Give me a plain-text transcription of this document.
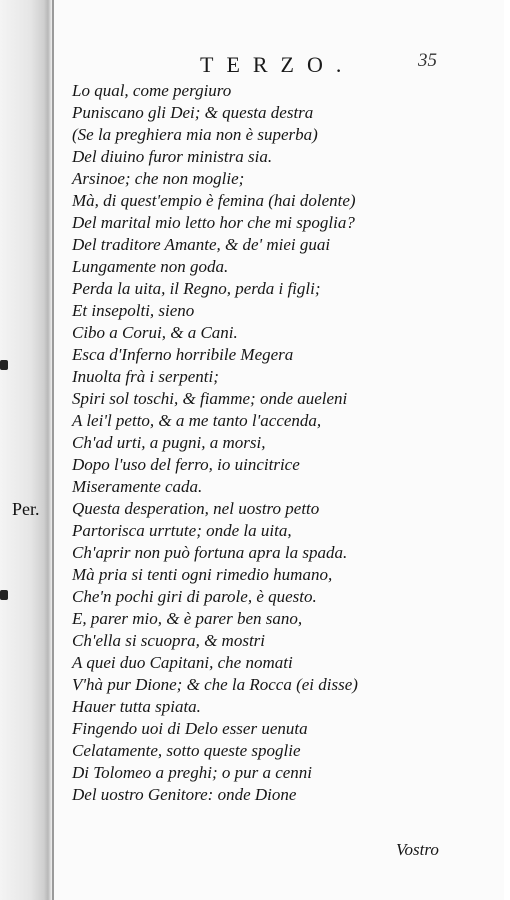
TERZO.	35
Lo qual, come pergiuro
Puniscano gli Dei; & questa destra
(Se la preghiera mia non è superba)
Del diuino furor ministra sia.
Arsinoe; che non moglie;
Mà, di quest'empio è femina (hai dolente)
Del marital mio letto hor che mi spoglia?
Del traditore Amante, & de' miei guai
Lungamente non goda.
Perda la uita, il Regno, perda i figli;
Et insepolti, sieno
Cibo a Corui, & a Cani.
Esca d'Inferno horribile Megera
Inuolta frà i serpenti;
Spiri sol toschi, & fiamme; onde aueleni
A lei'l petto, & a me tanto l'accenda,
Ch'ad urti, a pugni, a morsi,
Dopo l'uso del ferro, io uincitrice
Miseramente cada.
Per. Questa desperation, nel uostro petto
Partorisca urrtute; onde la uita,
Ch'aprir non può fortuna apra la spada.
Mà pria si tenti ogni rimedio humano,
Che'n pochi giri di parole, è questo.
E, parer mio, & è parer ben sano,
Ch'ella si scuopra, & mostri
A quei duo Capitani, che nomati
V'hà pur Dione; & che la Rocca (ei disse)
Hauer tutta spiata.
Fingendo uoi di Delo esser uenuta
Celatamente, sotto queste spoglie
Di Tolomeo a preghi; o pur a cenni
Del uostro Genitore: onde Dione
Vostro
